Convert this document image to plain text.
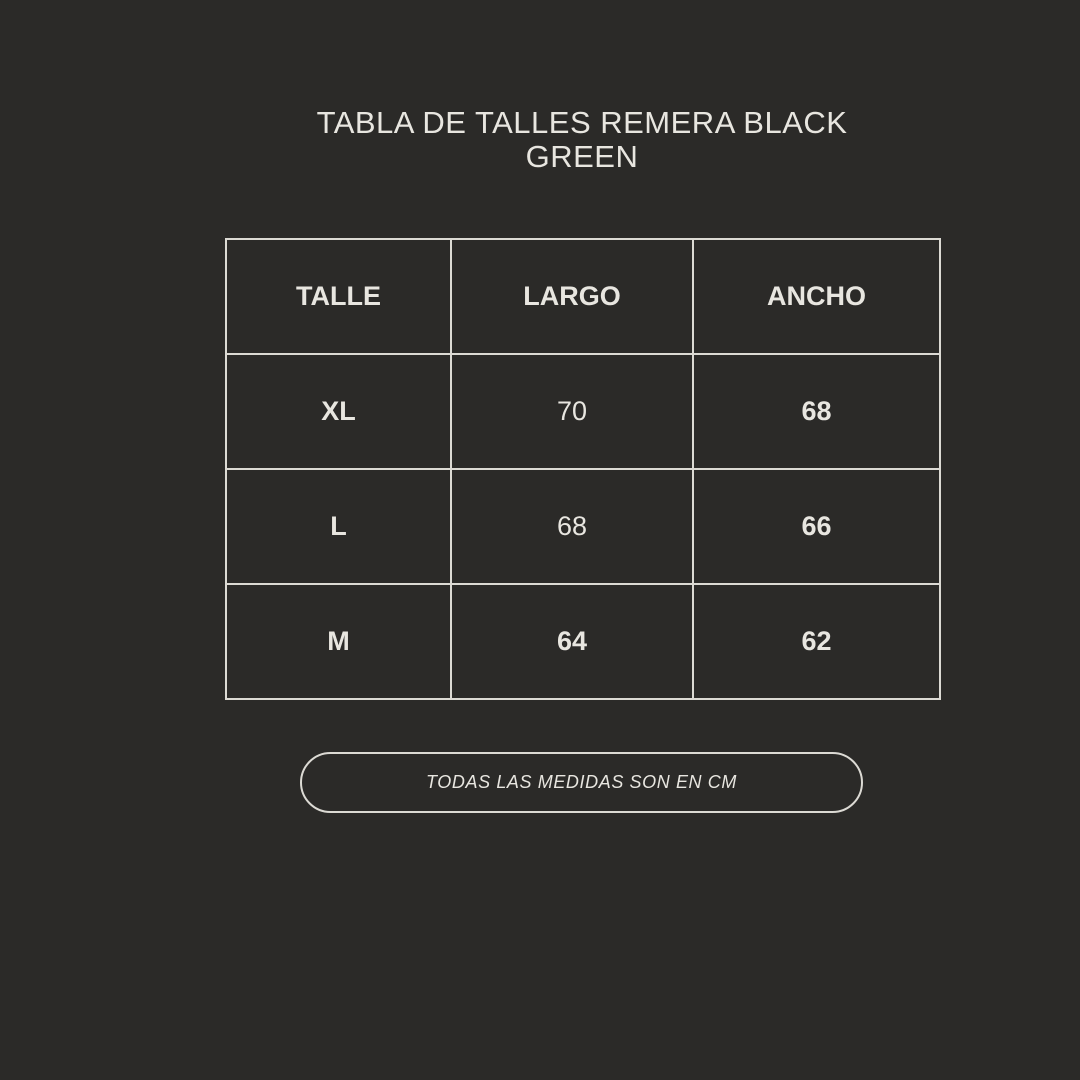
TABLA DE TALLES REMERA BLACK
GREEN
TALLE	LARGO	ANCHO
XL	70	68
L	68	66
M	64	62
TODAS LAS MEDIDAS SON EN CM
